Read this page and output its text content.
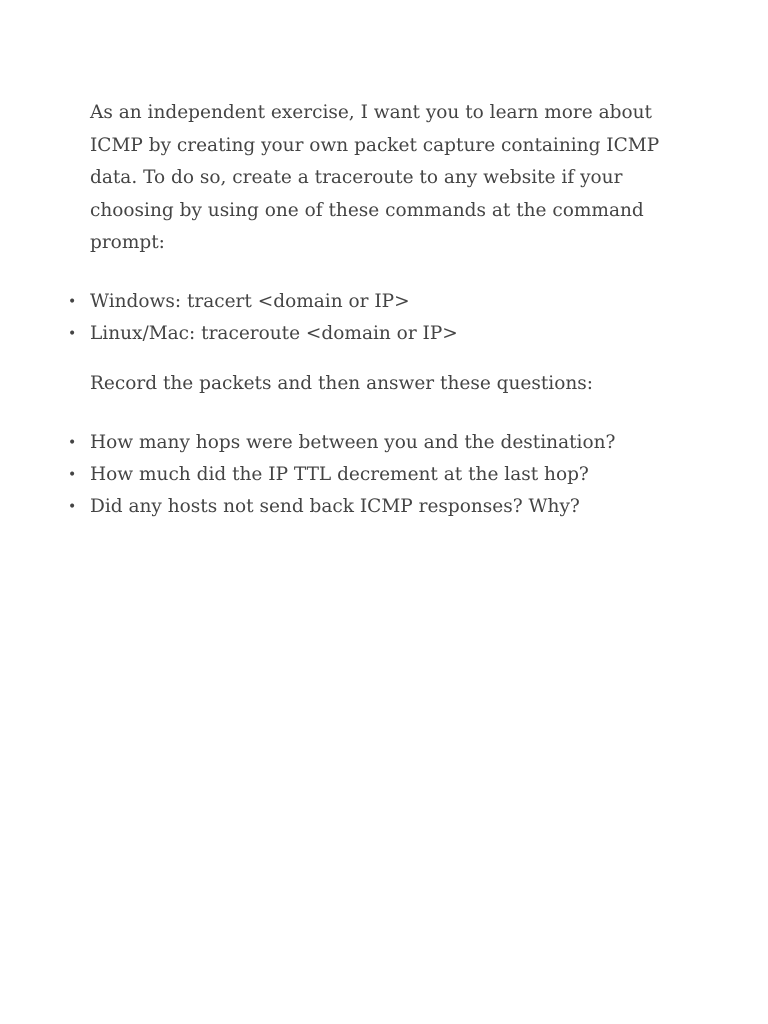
As an independent exercise, I want you to learn more about ICMP by creating your own packet capture containing ICMP data. To do so, create a traceroute to any website if your choosing by using one of these commands at the command prompt:

• Windows: tracert <domain or IP>
• Linux/Mac: traceroute <domain or IP>

Record the packets and then answer these questions:

• How many hops were between you and the destination?
• How much did the IP TTL decrement at the last hop?
• Did any hosts not send back ICMP responses? Why?
